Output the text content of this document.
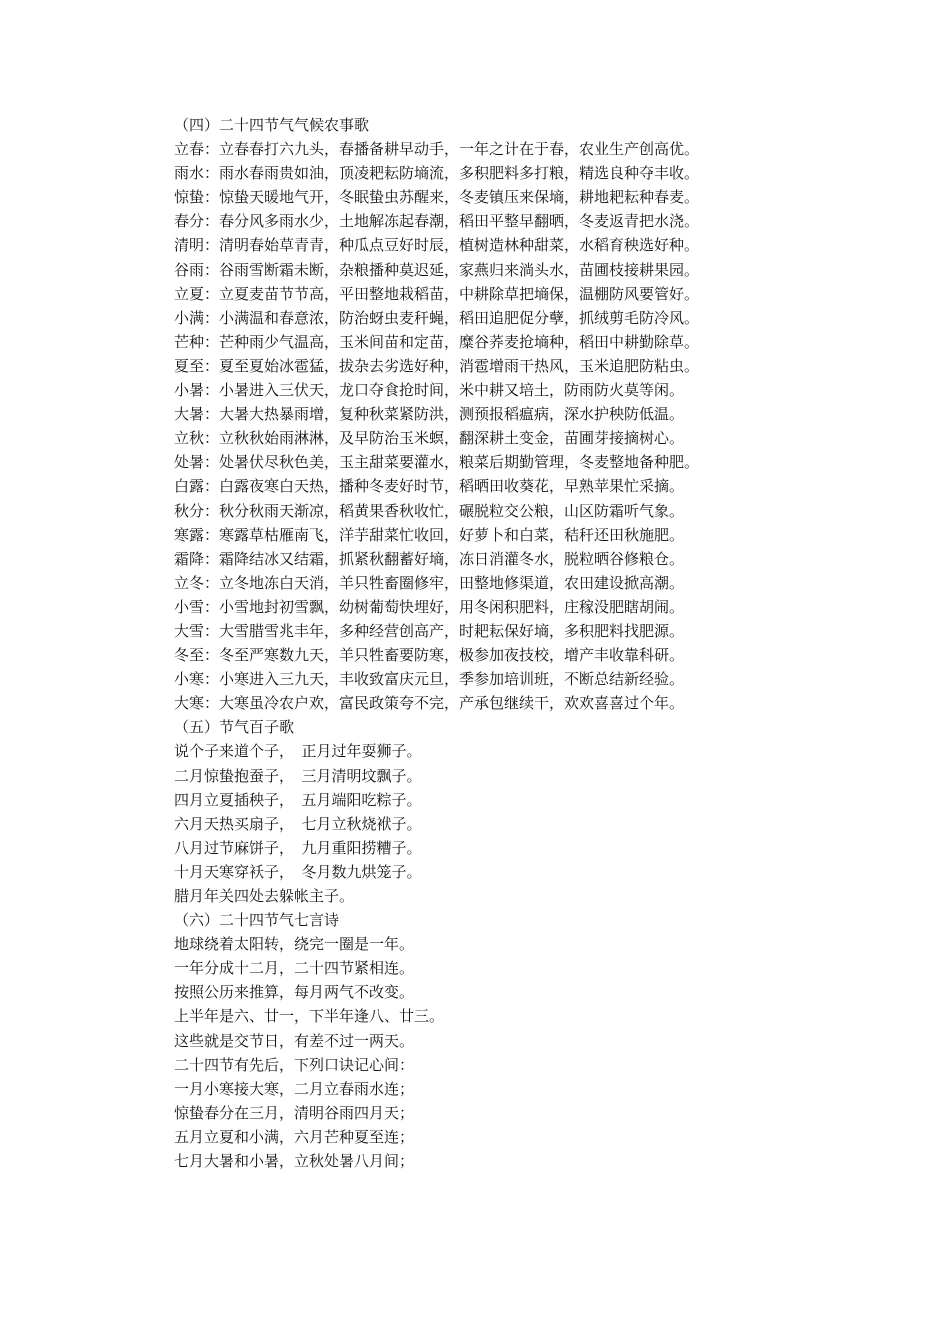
（四）二十四节气气候农事歌
立春：立春春打六九头，春播备耕早动手，一年之计在于春，农业生产创高优。
雨水：雨水春雨贵如油，顶凌耙耘防墒流，多积肥料多打粮，精选良种夺丰收。
惊蛰：惊蛰天暖地气开，冬眠蛰虫苏醒来，冬麦镇压来保墒，耕地耙耘种春麦。
春分：春分风多雨水少，土地解冻起春潮，稻田平整早翻晒，冬麦返青把水浇。
清明：清明春始草青青，种瓜点豆好时辰，植树造林种甜菜，水稻育秧选好种。
谷雨：谷雨雪断霜未断，杂粮播种莫迟延，家燕归来淌头水，苗圃枝接耕果园。
立夏：立夏麦苗节节高，平田整地栽稻苗，中耕除草把墒保，温棚防风要管好。
小满：小满温和春意浓，防治蚜虫麦秆蝇，稻田追肥促分孽，抓绒剪毛防冷风。
芒种：芒种雨少气温高，玉米间苗和定苗，糜谷荞麦抢墒种，稻田中耕勤除草。
夏至：夏至夏始冰雹猛，拔杂去劣选好种，消雹增雨干热风，玉米追肥防粘虫。
小暑：小暑进入三伏天，龙口夺食抢时间，米中耕又培土，防雨防火莫等闲。
大暑：大暑大热暴雨增，复种秋菜紧防洪，测预报稻瘟病，深水护秧防低温。
立秋：立秋秋始雨淋淋，及早防治玉米螟，翻深耕土变金，苗圃芽接摘树心。
处暑：处暑伏尽秋色美，玉主甜菜要灌水，粮菜后期勤管理，冬麦整地备种肥。
白露：白露夜寒白天热，播种冬麦好时节，稻晒田收葵花，早熟苹果忙采摘。
秋分：秋分秋雨天渐凉，稻黄果香秋收忙，碾脱粒交公粮，山区防霜听气象。
寒露：寒露草枯雁南飞，洋芋甜菜忙收回，好萝卜和白菜，秸秆还田秋施肥。
霜降：霜降结冰又结霜，抓紧秋翻蓄好墒，冻日消灌冬水，脱粒晒谷修粮仓。
立冬：立冬地冻白天消，羊只牲畜圈修牢，田整地修渠道，农田建设掀高潮。
小雪：小雪地封初雪飘，幼树葡萄快埋好，用冬闲积肥料，庄稼没肥瞎胡闹。
大雪：大雪腊雪兆丰年，多种经营创高产，时耙耘保好墒，多积肥料找肥源。
冬至：冬至严寒数九天，羊只牲畜要防寒，极参加夜技校，增产丰收靠科研。
小寒：小寒进入三九天，丰收致富庆元旦，季参加培训班，不断总结新经验。
大寒：大寒虽冷农户欢，富民政策夸不完，产承包继续干，欢欢喜喜过个年。
（五）节气百子歌
说个子来道个子，　正月过年耍狮子。
二月惊蛰抱蚕子，　三月清明坟飘子。
四月立夏插秧子，　五月端阳吃粽子。
六月天热买扇子，　七月立秋烧袱子。
八月过节麻饼子，　九月重阳捞糟子。
十月天寒穿袄子，　冬月数九烘笼子。
腊月年关四处去躲帐主子。
（六）二十四节气七言诗
地球绕着太阳转，绕完一圈是一年。
一年分成十二月，二十四节紧相连。
按照公历来推算，每月两气不改变。
上半年是六、廿一，下半年逢八、廿三。
这些就是交节日，有差不过一两天。
二十四节有先后，下列口诀记心间：
一月小寒接大寒，二月立春雨水连；
惊蛰春分在三月，清明谷雨四月天；
五月立夏和小满，六月芒种夏至连；
七月大暑和小暑，立秋处暑八月间；
